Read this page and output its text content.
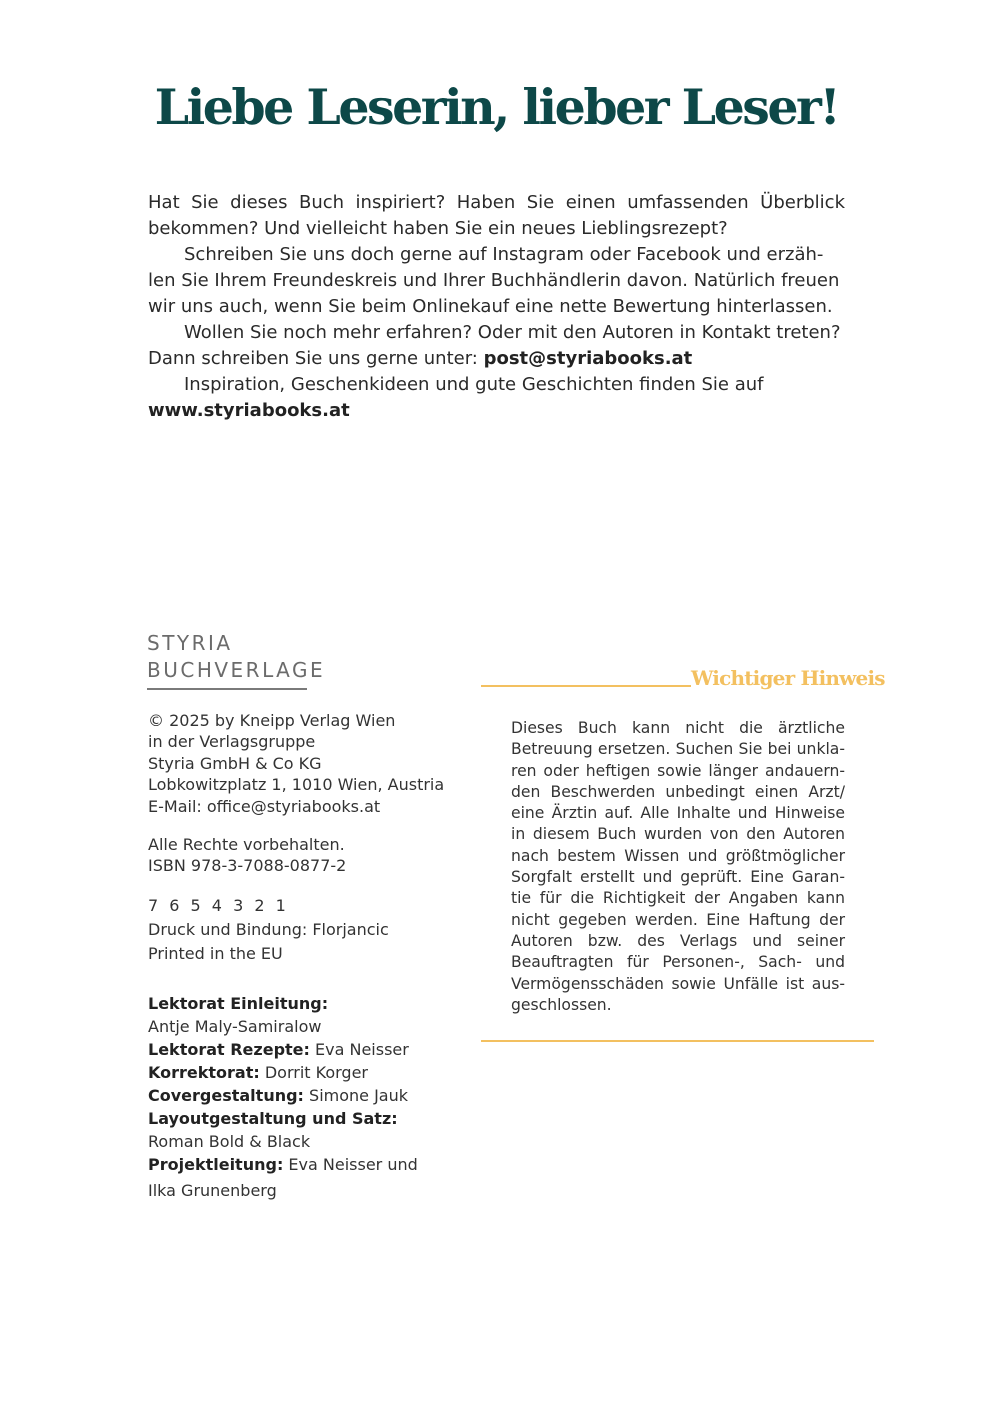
Liebe Leserin, lieber Leser!

Hat Sie dieses Buch inspiriert? Haben Sie einen umfassenden Überblick bekommen? Und vielleicht haben Sie ein neues Lieblingsrezept?

Schreiben Sie uns doch gerne auf Instagram oder Facebook und erzäh-

len Sie Ihrem Freundeskreis und Ihrer Buchhändlerin davon. Natürlich freuen

wir uns auch, wenn Sie beim Onlinekauf eine nette Bewertung hinterlassen.

Wollen Sie noch mehr erfahren? Oder mit den Autoren in Kontakt treten?

Dann schreiben Sie uns gerne unter: post@styriabooks.at

Inspiration, Geschenkideen und gute Geschichten finden Sie auf

www.styriabooks.at

STYRIA
BUCHVERLAGE

© 2025 by Kneipp Verlag Wien
in der Verlagsgruppe
Styria GmbH & Co KG
Lobkowitzplatz 1, 1010 Wien, Austria
E-Mail: office@styriabooks.at

Alle Rechte vorbehalten.
ISBN 978-3-7088-0877-2

7 6 5 4 3 2 1
Druck und Bindung: Florjancic
Printed in the EU

Lektorat Einleitung:
Antje Maly-Samiralow
Lektorat Rezepte: Eva Neisser
Korrektorat: Dorrit Korger
Covergestaltung: Simone Jauk
Layoutgestaltung und Satz:
Roman Bold & Black
Projektleitung: Eva Neisser und
Ilka Grunenberg
Wichtiger Hinweis

Dieses Buch kann nicht die ärztliche Betreuung ersetzen. Suchen Sie bei unkla- ren oder heftigen sowie länger andauern- den Beschwerden unbedingt einen Arzt/ eine Ärztin auf. Alle Inhalte und Hinweise in diesem Buch wurden von den Autoren nach bestem Wissen und größtmöglicher Sorgfalt erstellt und geprüft. Eine Garan- tie für die Richtigkeit der Angaben kann nicht gegeben werden. Eine Haftung der Autoren bzw. des Verlags und seiner Beauftragten für Personen-, Sach- und Vermögensschäden sowie Unfälle ist aus- geschlossen.
